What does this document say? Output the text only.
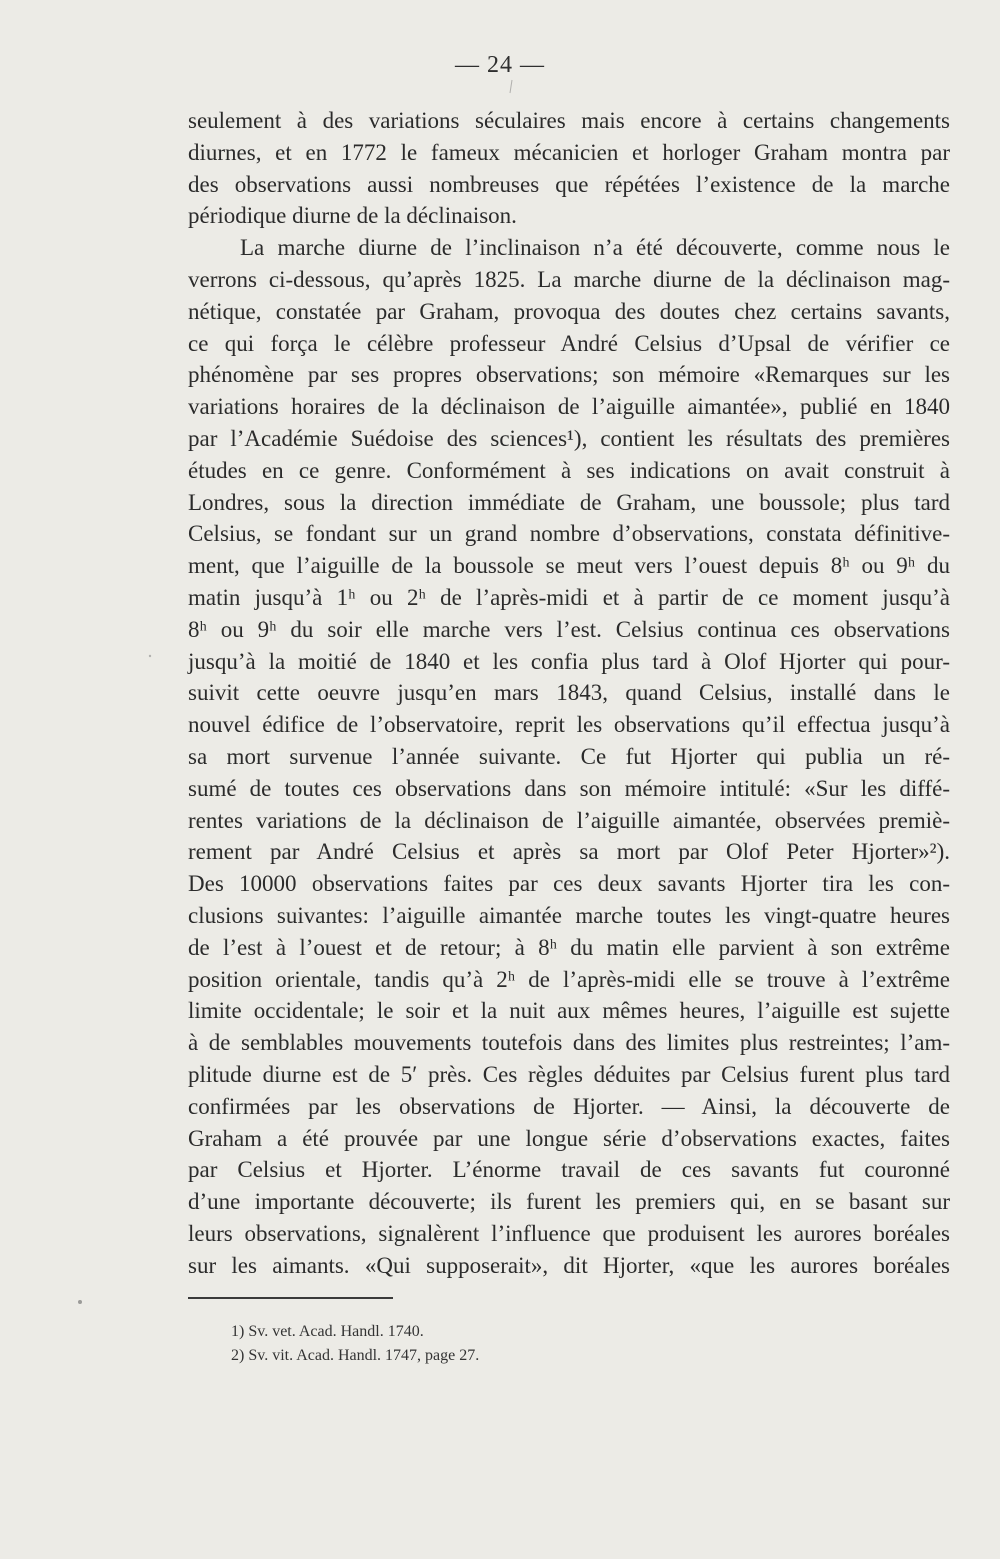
— 24 —
seulement à des variations séculaires mais encore à certains changements
diurnes, et en 1772 le fameux mécanicien et horloger Graham montra par
des observations aussi nombreuses que répétées l’existence de la marche
périodique diurne de la déclinaison.
La marche diurne de l’inclinaison n’a été découverte, comme nous le
verrons ci-dessous, qu’après 1825. La marche diurne de la déclinaison mag-
nétique, constatée par Graham, provoqua des doutes chez certains savants,
ce qui força le célèbre professeur André Celsius d’Upsal de vérifier ce
phénomène par ses propres observations; son mémoire «Remarques sur les
variations horaires de la déclinaison de l’aiguille aimantée», publié en 1840
par l’Académie Suédoise des sciences¹), contient les résultats des premières
études en ce genre. Conformément à ses indications on avait construit à
Londres, sous la direction immédiate de Graham, une boussole; plus tard
Celsius, se fondant sur un grand nombre d’observations, constata définitive-
ment, que l’aiguille de la boussole se meut vers l’ouest depuis 8ʰ ou 9ʰ du
matin jusqu’à 1ʰ ou 2ʰ de l’après-midi et à partir de ce moment jusqu’à
8ʰ ou 9ʰ du soir elle marche vers l’est. Celsius continua ces observations
jusqu’à la moitié de 1840 et les confia plus tard à Olof Hjorter qui pour-
suivit cette oeuvre jusqu’en mars 1843, quand Celsius, installé dans le
nouvel édifice de l’observatoire, reprit les observations qu’il effectua jusqu’à
sa mort survenue l’année suivante. Ce fut Hjorter qui publia un ré-
sumé de toutes ces observations dans son mémoire intitulé: «Sur les diffé-
rentes variations de la déclinaison de l’aiguille aimantée, observées premiè-
rement par André Celsius et après sa mort par Olof Peter Hjorter»²).
Des 10000 observations faites par ces deux savants Hjorter tira les con-
clusions suivantes: l’aiguille aimantée marche toutes les vingt-quatre heures
de l’est à l’ouest et de retour; à 8ʰ du matin elle parvient à son extrême
position orientale, tandis qu’à 2ʰ de l’après-midi elle se trouve à l’extrême
limite occidentale; le soir et la nuit aux mêmes heures, l’aiguille est sujette
à de semblables mouvements toutefois dans des limites plus restreintes; l’am-
plitude diurne est de 5′ près. Ces règles déduites par Celsius furent plus tard
confirmées par les observations de Hjorter. — Ainsi, la découverte de
Graham a été prouvée par une longue série d’observations exactes, faites
par Celsius et Hjorter. L’énorme travail de ces savants fut couronné
d’une importante découverte; ils furent les premiers qui, en se basant sur
leurs observations, signalèrent l’influence que produisent les aurores boréales
sur les aimants. «Qui supposerait», dit Hjorter, «que les aurores boréales
1) Sv. vet. Acad. Handl. 1740.
2) Sv. vit. Acad. Handl. 1747, page 27.
